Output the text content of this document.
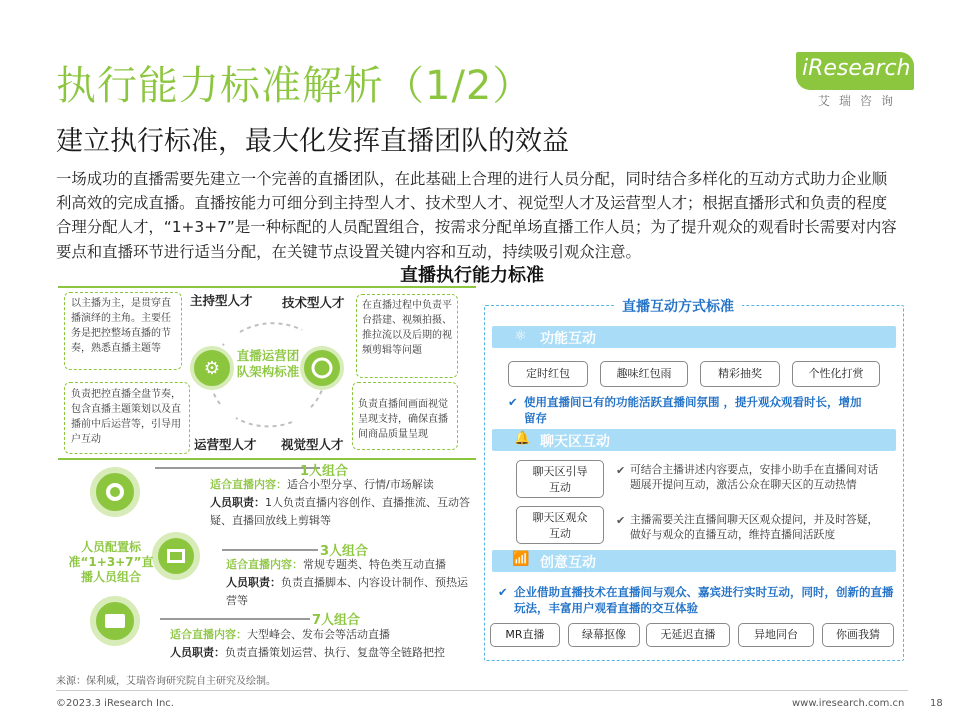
执行能力标准解析（1/2）
建立执行标准，最大化发挥直播团队的效益
iResearch
艾瑞咨询
一场成功的直播需要先建立一个完善的直播团队，在此基础上合理的进行人员分配，同时结合多样化的互动方式助力企业顺利高效的完成直播。直播按能力可细分到主持型人才、技术型人才、视觉型人才及运营型人才；根据直播形式和负责的程度合理分配人才，“1+3+7”是一种标配的人员配置组合，按需求分配单场直播工作人员；为了提升观众的观看时长需要对内容要点和直播环节进行适当分配，在关键节点设置关键内容和互动，持续吸引观众注意。
直播执行能力标准
以主播为主，是贯穿直播演绎的主角。主要任务是把控整场直播的节奏，熟悉直播主题等
负责把控直播全盘节奏，包含直播主题策划以及直播前中后运营等，引导用户互动
在直播过程中负责平台搭建、视频拍摄、推拉流以及后期的视频剪辑等问题
负责直播间画面视觉呈现支持，确保直播间商品质量呈现
主持型人才 技术型人才
运营型人才 视觉型人才
⚙
直播运营团队架构标准
人员配置标准“1+3+7”直播人员组合
1人组合
适合直播内容：适合小型分享、行情/市场解读
人员职责：1人负责直播内容创作、直播推流、互动答疑、直播回放线上剪辑等
3人组合
适合直播内容：常规专题类、特色类互动直播
人员职责：负责直播脚本、内容设计制作、预热运营等
7人组合
适合直播内容：大型峰会、发布会等活动直播
人员职责：负责直播策划运营、执行、复盘等全链路把控
直播互动方式标准
⚛ 功能互动
定时红包	趣味红包雨	精彩抽奖	个性化打赏
✔ 使用直播间已有的功能活跃直播间氛围 ，提升观众观看时长，增加留存
🔔 聊天区互动
聊天区引导互动
聊天区观众互动
✔ 可结合主播讲述内容要点，安排小助手在直播间对话题展开提问互动，激活公众在聊天区的互动热情
✔ 主播需要关注直播间聊天区观众提问，并及时答疑，做好与观众的直播互动，维持直播间活跃度
📶 创意互动
✔ 企业借助直播技术在直播间与观众、嘉宾进行实时互动，同时，创新的直播玩法，丰富用户观看直播的交互体验
MR直播	绿幕抠像	无延迟直播	异地同台	你画我猜
来源：保利威，艾瑞咨询研究院自主研究及绘制。
©2023.3 iResearch Inc.	www.iresearch.com.cn	18
